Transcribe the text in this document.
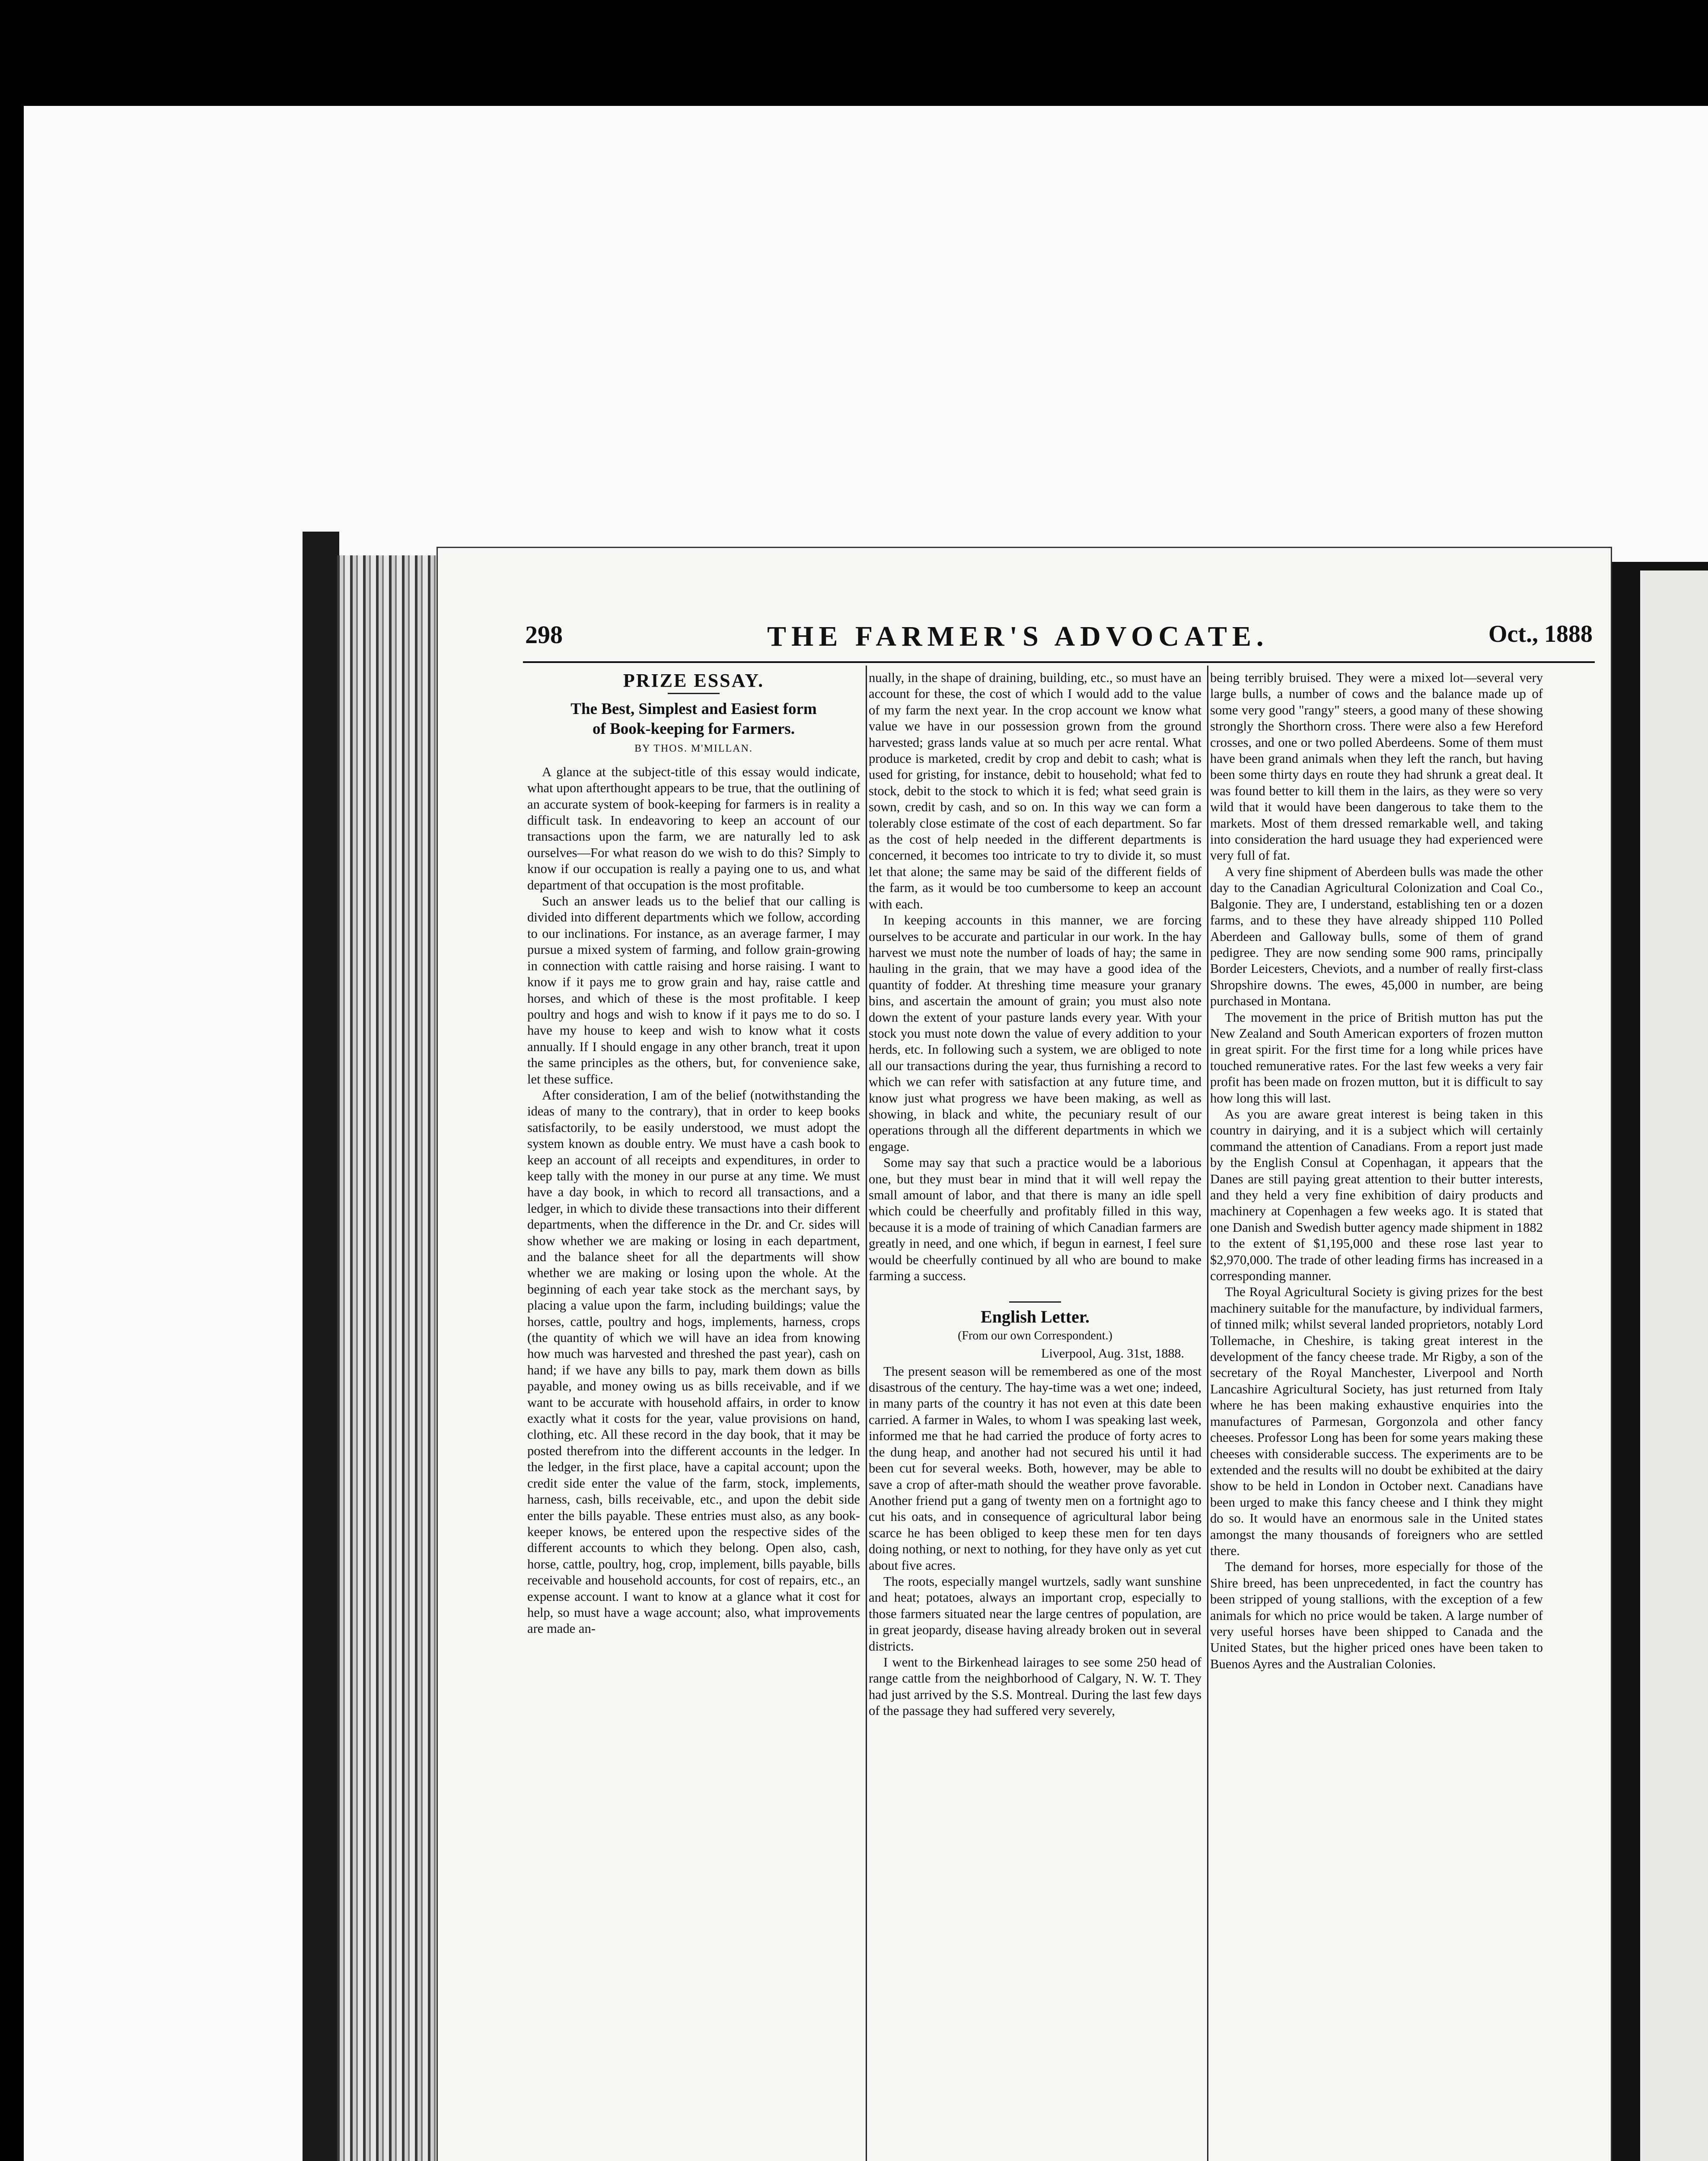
298	THE FARMER'S ADVOCATE.	Oct., 1888
PRIZE ESSAY.
The Best, Simplest and Easiest form
of Book-keeping for Farmers.
BY THOS. M'MILLAN.

A glance at the subject-title of this essay would indicate, what upon afterthought appears to be true, that the outlining of an accurate system of book-keeping for farmers is in reality a difficult task. In endeavoring to keep an account of our transactions upon the farm, we are naturally led to ask ourselves—For what reason do we wish to do this? Simply to know if our occupation is really a paying one to us, and what department of that occupation is the most profitable.

Such an answer leads us to the belief that our calling is divided into different departments which we follow, according to our inclinations. For instance, as an average farmer, I may pursue a mixed system of farming, and follow grain-growing in connection with cattle raising and horse raising. I want to know if it pays me to grow grain and hay, raise cattle and horses, and which of these is the most profitable. I keep poultry and hogs and wish to know if it pays me to do so. I have my house to keep and wish to know what it costs annually. If I should engage in any other branch, treat it upon the same principles as the others, but, for convenience sake, let these suffice.

After consideration, I am of the belief (notwithstanding the ideas of many to the contrary), that in order to keep books satisfactorily, to be easily understood, we must adopt the system known as double entry. We must have a cash book to keep an account of all receipts and expenditures, in order to keep tally with the money in our purse at any time. We must have a day book, in which to record all transactions, and a ledger, in which to divide these transactions into their different departments, when the difference in the Dr. and Cr. sides will show whether we are making or losing in each department, and the balance sheet for all the departments will show whether we are making or losing upon the whole. At the beginning of each year take stock as the merchant says, by placing a value upon the farm, including buildings; value the horses, cattle, poultry and hogs, implements, harness, crops (the quantity of which we will have an idea from knowing how much was harvested and threshed the past year), cash on hand; if we have any bills to pay, mark them down as bills payable, and money owing us as bills receivable, and if we want to be accurate with household affairs, in order to know exactly what it costs for the year, value provisions on hand, clothing, etc. All these record in the day book, that it may be posted therefrom into the different accounts in the ledger. In the ledger, in the first place, have a capital account; upon the credit side enter the value of the farm, stock, implements, harness, cash, bills receivable, etc., and upon the debit side enter the bills payable. These entries must also, as any book-keeper knows, be entered upon the respective sides of the different accounts to which they belong. Open also, cash, horse, cattle, poultry, hog, crop, implement, bills payable, bills receivable and household accounts, for cost of repairs, etc., an expense account. I want to know at a glance what it cost for help, so must have a wage account; also, what improvements are made an-

nually, in the shape of draining, building, etc., so must have an account for these, the cost of which I would add to the value of my farm the next year. In the crop account we know what value we have in our possession grown from the ground harvested; grass lands value at so much per acre rental. What produce is marketed, credit by crop and debit to cash; what is used for gristing, for instance, debit to household; what fed to stock, debit to the stock to which it is fed; what seed grain is sown, credit by cash, and so on. In this way we can form a tolerably close estimate of the cost of each department. So far as the cost of help needed in the different departments is concerned, it becomes too intricate to try to divide it, so must let that alone; the same may be said of the different fields of the farm, as it would be too cumbersome to keep an account with each.

In keeping accounts in this manner, we are forcing ourselves to be accurate and particular in our work. In the hay harvest we must note the number of loads of hay; the same in hauling in the grain, that we may have a good idea of the quantity of fodder. At threshing time measure your granary bins, and ascertain the amount of grain; you must also note down the extent of your pasture lands every year. With your stock you must note down the value of every addition to your herds, etc. In following such a system, we are obliged to note all our transactions during the year, thus furnishing a record to which we can refer with satisfaction at any future time, and know just what progress we have been making, as well as showing, in black and white, the pecuniary result of our operations through all the different departments in which we engage.

Some may say that such a practice would be a laborious one, but they must bear in mind that it will well repay the small amount of labor, and that there is many an idle spell which could be cheerfully and profitably filled in this way, because it is a mode of training of which Canadian farmers are greatly in need, and one which, if begun in earnest, I feel sure would be cheerfully continued by all who are bound to make farming a success.

English Letter.
(From our own Correspondent.)
Liverpool, Aug. 31st, 1888.

The present season will be remembered as one of the most disastrous of the century. The hay-time was a wet one; indeed, in many parts of the country it has not even at this date been carried. A farmer in Wales, to whom I was speaking last week, informed me that he had carried the produce of forty acres to the dung heap, and another had not secured his until it had been cut for several weeks. Both, however, may be able to save a crop of after-math should the weather prove favorable. Another friend put a gang of twenty men on a fortnight ago to cut his oats, and in consequence of agricultural labor being scarce he has been obliged to keep these men for ten days doing nothing, or next to nothing, for they have only as yet cut about five acres.

The roots, especially mangel wurtzels, sadly want sunshine and heat; potatoes, always an important crop, especially to those farmers situated near the large centres of population, are in great jeopardy, disease having already broken out in several districts.

I went to the Birkenhead lairages to see some 250 head of range cattle from the neighborhood of Calgary, N. W. T. They had just arrived by the S.S. Montreal. During the last few days of the passage they had suffered very severely,

being terribly bruised. They were a mixed lot—several very large bulls, a number of cows and the balance made up of some very good "rangy" steers, a good many of these showing strongly the Shorthorn cross. There were also a few Hereford crosses, and one or two polled Aberdeens. Some of them must have been grand animals when they left the ranch, but having been some thirty days en route they had shrunk a great deal. It was found better to kill them in the lairs, as they were so very wild that it would have been dangerous to take them to the markets. Most of them dressed remarkable well, and taking into consideration the hard usuage they had experienced were very full of fat.

A very fine shipment of Aberdeen bulls was made the other day to the Canadian Agricultural Colonization and Coal Co., Balgonie. They are, I understand, establishing ten or a dozen farms, and to these they have already shipped 110 Polled Aberdeen and Galloway bulls, some of them of grand pedigree. They are now sending some 900 rams, principally Border Leicesters, Cheviots, and a number of really first-class Shropshire downs. The ewes, 45,000 in number, are being purchased in Montana.

The movement in the price of British mutton has put the New Zealand and South American exporters of frozen mutton in great spirit. For the first time for a long while prices have touched remunerative rates. For the last few weeks a very fair profit has been made on frozen mutton, but it is difficult to say how long this will last.

As you are aware great interest is being taken in this country in dairying, and it is a subject which will certainly command the attention of Canadians. From a report just made by the English Consul at Copenhagan, it appears that the Danes are still paying great attention to their butter interests, and they held a very fine exhibition of dairy products and machinery at Copenhagen a few weeks ago. It is stated that one Danish and Swedish butter agency made shipment in 1882 to the extent of $1,195,000 and these rose last year to $2,970,000. The trade of other leading firms has increased in a corresponding manner.

The Royal Agricultural Society is giving prizes for the best machinery suitable for the manufacture, by individual farmers, of tinned milk; whilst several landed proprietors, notably Lord Tollemache, in Cheshire, is taking great interest in the development of the fancy cheese trade. Mr Rigby, a son of the secretary of the Royal Manchester, Liverpool and North Lancashire Agricultural Society, has just returned from Italy where he has been making exhaustive enquiries into the manufactures of Parmesan, Gorgonzola and other fancy cheeses. Professor Long has been for some years making these cheeses with considerable success. The experiments are to be extended and the results will no doubt be exhibited at the dairy show to be held in London in October next. Canadians have been urged to make this fancy cheese and I think they might do so. It would have an enormous sale in the United states amongst the many thousands of foreigners who are settled there.

The demand for horses, more especially for those of the Shire breed, has been unprecedented, in fact the country has been stripped of young stallions, with the exception of a few animals for which no price would be taken. A large number of very useful horses have been shipped to Canada and the United States, but the higher priced ones have been taken to Buenos Ayres and the Australian Colonies.
